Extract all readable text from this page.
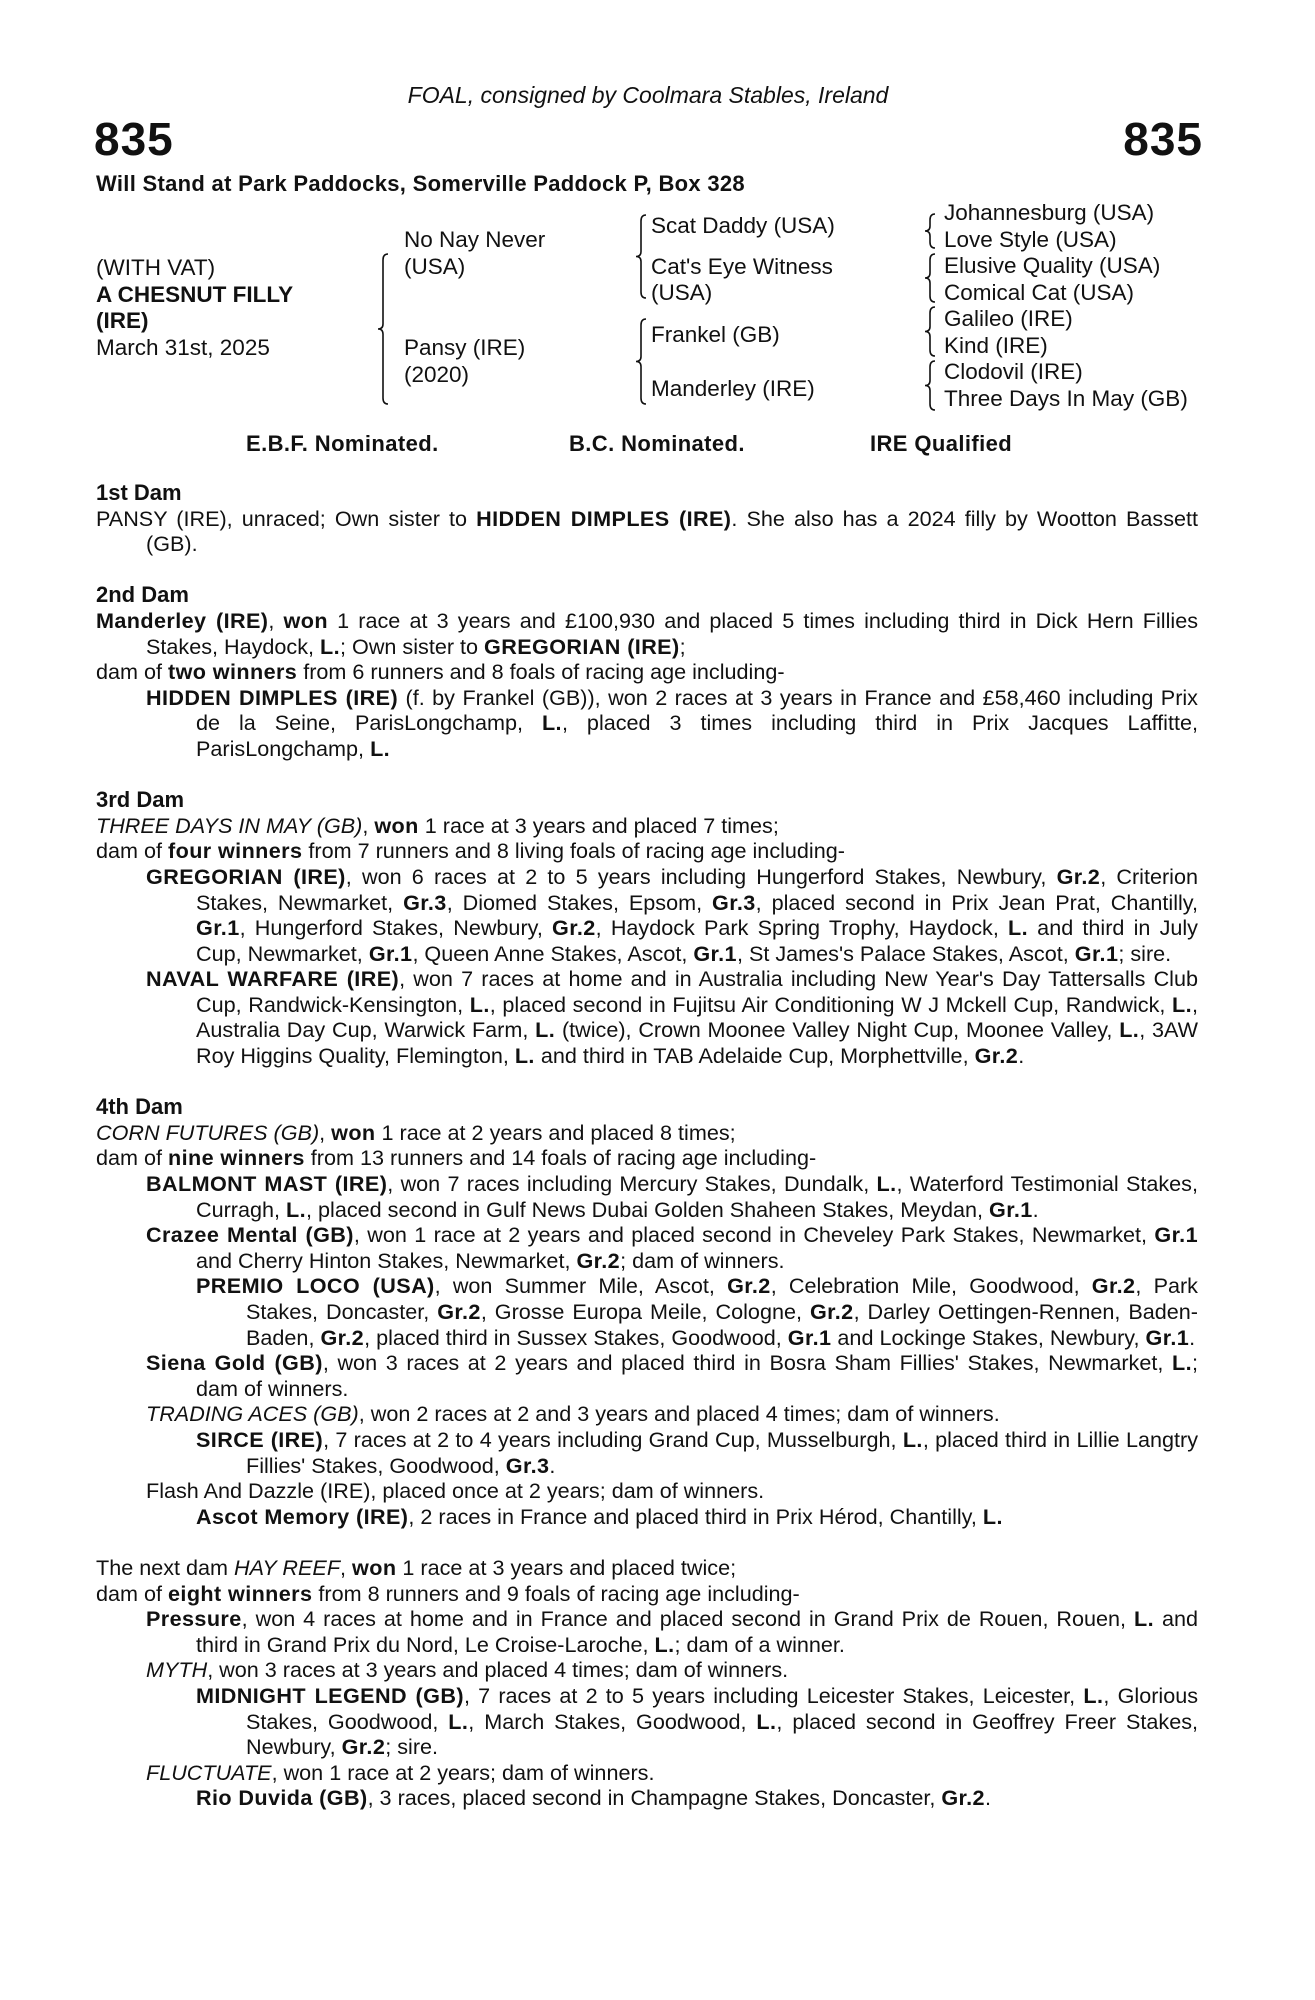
FOAL, consigned by Coolmara Stables, Ireland
835	835
Will Stand at Park Paddocks, Somerville Paddock P, Box 328
(WITH VAT)
A CHESNUT FILLY
(IRE)
March 31st, 2025
No Nay Never
(USA)
Pansy (IRE)
(2020)
Scat Daddy (USA)
Cat's Eye Witness
(USA)
Frankel (GB)
Manderley (IRE)
Johannesburg (USA)
Love Style (USA)
Elusive Quality (USA)
Comical Cat (USA)
Galileo (IRE)
Kind (IRE)
Clodovil (IRE)
Three Days In May (GB)
E.B.F. Nominated.	B.C. Nominated.	IRE Qualified
1st Dam
PANSY (IRE), unraced; Own sister to HIDDEN DIMPLES (IRE). She also has a 2024 filly by Wootton Bassett (GB).
2nd Dam
Manderley (IRE), won 1 race at 3 years and £100,930 and placed 5 times including third in Dick Hern Fillies Stakes, Haydock, L.; Own sister to GREGORIAN (IRE);
dam of two winners from 6 runners and 8 foals of racing age including-
HIDDEN DIMPLES (IRE) (f. by Frankel (GB)), won 2 races at 3 years in France and £58,460 including Prix de la Seine, ParisLongchamp, L., placed 3 times including third in Prix Jacques Laffitte, ParisLongchamp, L.
3rd Dam
THREE DAYS IN MAY (GB), won 1 race at 3 years and placed 7 times;
dam of four winners from 7 runners and 8 living foals of racing age including-
GREGORIAN (IRE), won 6 races at 2 to 5 years including Hungerford Stakes, Newbury, Gr.2, Criterion Stakes, Newmarket, Gr.3, Diomed Stakes, Epsom, Gr.3, placed second in Prix Jean Prat, Chantilly, Gr.1, Hungerford Stakes, Newbury, Gr.2, Haydock Park Spring Trophy, Haydock, L. and third in July Cup, Newmarket, Gr.1, Queen Anne Stakes, Ascot, Gr.1, St James's Palace Stakes, Ascot, Gr.1; sire.
NAVAL WARFARE (IRE), won 7 races at home and in Australia including New Year's Day Tattersalls Club Cup, Randwick-Kensington, L., placed second in Fujitsu Air Conditioning W J Mckell Cup, Randwick, L., Australia Day Cup, Warwick Farm, L. (twice), Crown Moonee Valley Night Cup, Moonee Valley, L., 3AW Roy Higgins Quality, Flemington, L. and third in TAB Adelaide Cup, Morphettville, Gr.2.
4th Dam
CORN FUTURES (GB), won 1 race at 2 years and placed 8 times;
dam of nine winners from 13 runners and 14 foals of racing age including-
BALMONT MAST (IRE), won 7 races including Mercury Stakes, Dundalk, L., Waterford Testimonial Stakes, Curragh, L., placed second in Gulf News Dubai Golden Shaheen Stakes, Meydan, Gr.1.
Crazee Mental (GB), won 1 race at 2 years and placed second in Cheveley Park Stakes, Newmarket, Gr.1 and Cherry Hinton Stakes, Newmarket, Gr.2; dam of winners.
PREMIO LOCO (USA), won Summer Mile, Ascot, Gr.2, Celebration Mile, Goodwood, Gr.2, Park Stakes, Doncaster, Gr.2, Grosse Europa Meile, Cologne, Gr.2, Darley Oettingen-Rennen, Baden-Baden, Gr.2, placed third in Sussex Stakes, Goodwood, Gr.1 and Lockinge Stakes, Newbury, Gr.1.
Siena Gold (GB), won 3 races at 2 years and placed third in Bosra Sham Fillies' Stakes, Newmarket, L.; dam of winners.
TRADING ACES (GB), won 2 races at 2 and 3 years and placed 4 times; dam of winners.
SIRCE (IRE), 7 races at 2 to 4 years including Grand Cup, Musselburgh, L., placed third in Lillie Langtry Fillies' Stakes, Goodwood, Gr.3.
Flash And Dazzle (IRE), placed once at 2 years; dam of winners.
Ascot Memory (IRE), 2 races in France and placed third in Prix Hérod, Chantilly, L.
The next dam HAY REEF, won 1 race at 3 years and placed twice;
dam of eight winners from 8 runners and 9 foals of racing age including-
Pressure, won 4 races at home and in France and placed second in Grand Prix de Rouen, Rouen, L. and third in Grand Prix du Nord, Le Croise-Laroche, L.; dam of a winner.
MYTH, won 3 races at 3 years and placed 4 times; dam of winners.
MIDNIGHT LEGEND (GB), 7 races at 2 to 5 years including Leicester Stakes, Leicester, L., Glorious Stakes, Goodwood, L., March Stakes, Goodwood, L., placed second in Geoffrey Freer Stakes, Newbury, Gr.2; sire.
FLUCTUATE, won 1 race at 2 years; dam of winners.
Rio Duvida (GB), 3 races, placed second in Champagne Stakes, Doncaster, Gr.2.
